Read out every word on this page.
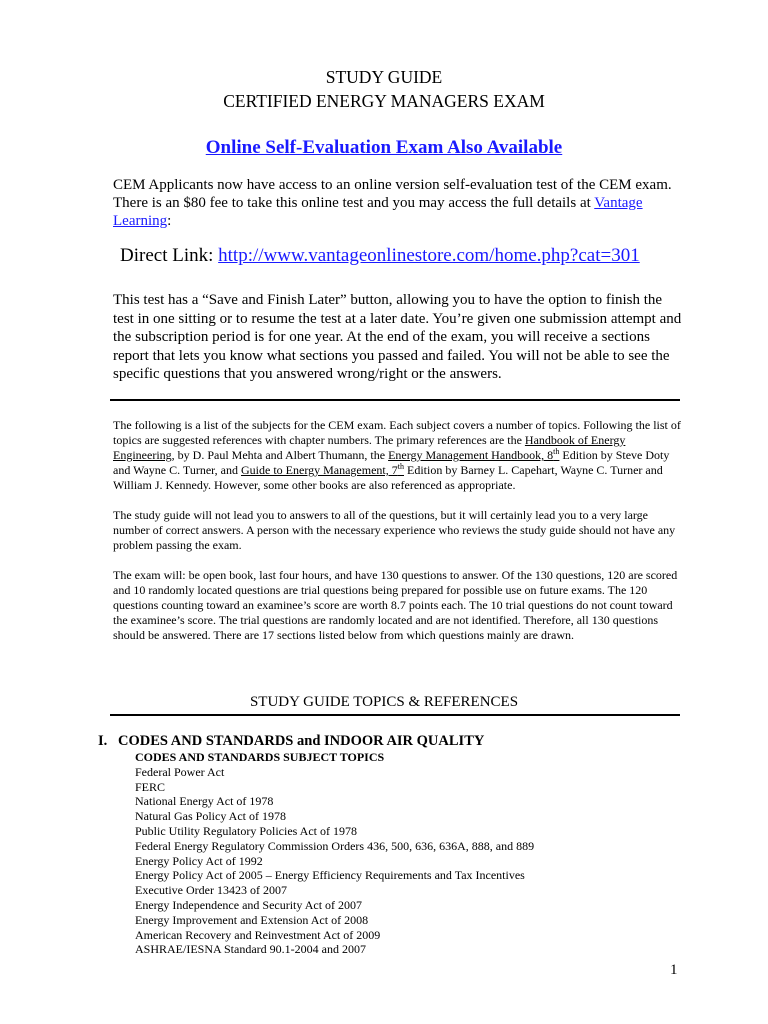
STUDY GUIDE
CERTIFIED ENERGY MANAGERS EXAM
Online Self-Evaluation Exam Also Available
CEM Applicants now have access to an online version self-evaluation test of the CEM exam. There is an $80 fee to take this online test and you may access the full details at Vantage Learning:
Direct Link: http://www.vantageonlinestore.com/home.php?cat=301
This test has a “Save and Finish Later” button, allowing you to have the option to finish the test in one sitting or to resume the test at a later date. You’re given one submission attempt and the subscription period is for one year. At the end of the exam, you will receive a sections report that lets you know what sections you passed and failed. You will not be able to see the specific questions that you answered wrong/right or the answers.

The following is a list of the subjects for the CEM exam. Each subject covers a number of topics. Following the list of topics are suggested references with chapter numbers. The primary references are the Handbook of Energy Engineering, by D. Paul Mehta and Albert Thumann, the Energy Management Handbook, 8th Edition by Steve Doty and Wayne C. Turner, and Guide to Energy Management, 7th Edition by Barney L. Capehart, Wayne C. Turner and William J. Kennedy. However, some other books are also referenced as appropriate.

The study guide will not lead you to answers to all of the questions, but it will certainly lead you to a very large number of correct answers. A person with the necessary experience who reviews the study guide should not have any problem passing the exam.

The exam will: be open book, last four hours, and have 130 questions to answer. Of the 130 questions, 120 are scored and 10 randomly located questions are trial questions being prepared for possible use on future exams. The 120 questions counting toward an examinee’s score are worth 8.7 points each. The 10 trial questions do not count toward the examinee’s score. The trial questions are randomly located and are not identified. Therefore, all 130 questions should be answered. There are 17 sections listed below from which questions mainly are drawn.

STUDY GUIDE TOPICS & REFERENCES
I. CODES AND STANDARDS and INDOOR AIR QUALITY
CODES AND STANDARDS SUBJECT TOPICS
Federal Power Act
FERC
National Energy Act of 1978
Natural Gas Policy Act of 1978
Public Utility Regulatory Policies Act of 1978
Federal Energy Regulatory Commission Orders 436, 500, 636, 636A, 888, and 889
Energy Policy Act of 1992
Energy Policy Act of 2005 – Energy Efficiency Requirements and Tax Incentives
Executive Order 13423 of 2007
Energy Independence and Security Act of 2007
Energy Improvement and Extension Act of 2008
American Recovery and Reinvestment Act of 2009
ASHRAE/IESNA Standard 90.1-2004 and 2007
1
